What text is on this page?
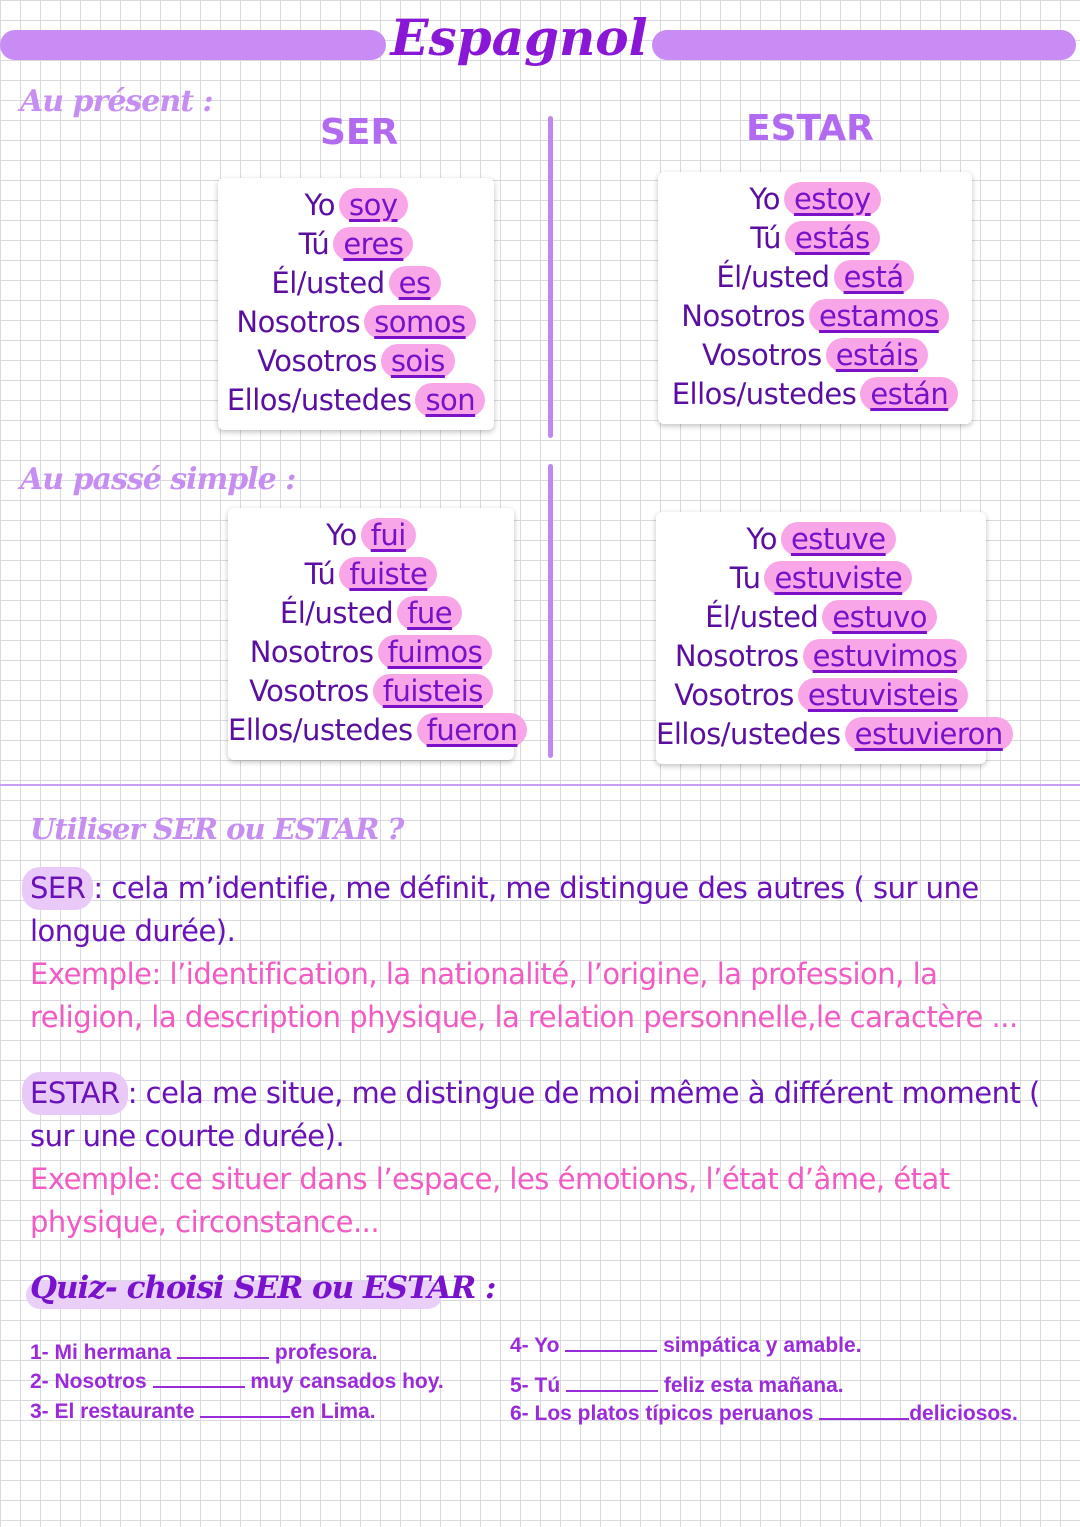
Espagnol
Au présent :
SER	ESTAR
Yo soy
Tú eres
Él/usted es
Nosotros somos
Vosotros sois
Ellos/ustedes son
Yo estoy
Tú estás
Él/usted está
Nosotros estamos
Vosotros estáis
Ellos/ustedes están
Au passé simple :
Yo fui
Tú fuiste
Él/usted fue
Nosotros fuimos
Vosotros fuisteis
Ellos/ustedes fueron
Yo estuve
Tu estuviste
Él/usted estuvo
Nosotros estuvimos
Vosotros estuvisteis
Ellos/ustedes estuvieron
Utiliser SER ou ESTAR ?
SER : cela m’identifie, me définit, me distingue des autres ( sur une longue durée).
Exemple: l’identification, la nationalité, l’origine, la profession, la religion, la description physique, la relation personnelle,le caractère ...
ESTAR : cela me situe, me distingue de moi même à différent moment ( sur une courte durée).
Exemple: ce situer dans l’espace, les émotions, l’état d’âme, état physique, circonstance...
Quiz- choisi SER ou ESTAR :
1- Mi hermana	profesora.
2- Nosotros	muy cansados hoy.
3- El restaurante	en Lima.
4- Yo	simpática y amable.
5- Tú	feliz esta mañana.
6- Los platos típicos peruanos	deliciosos.
